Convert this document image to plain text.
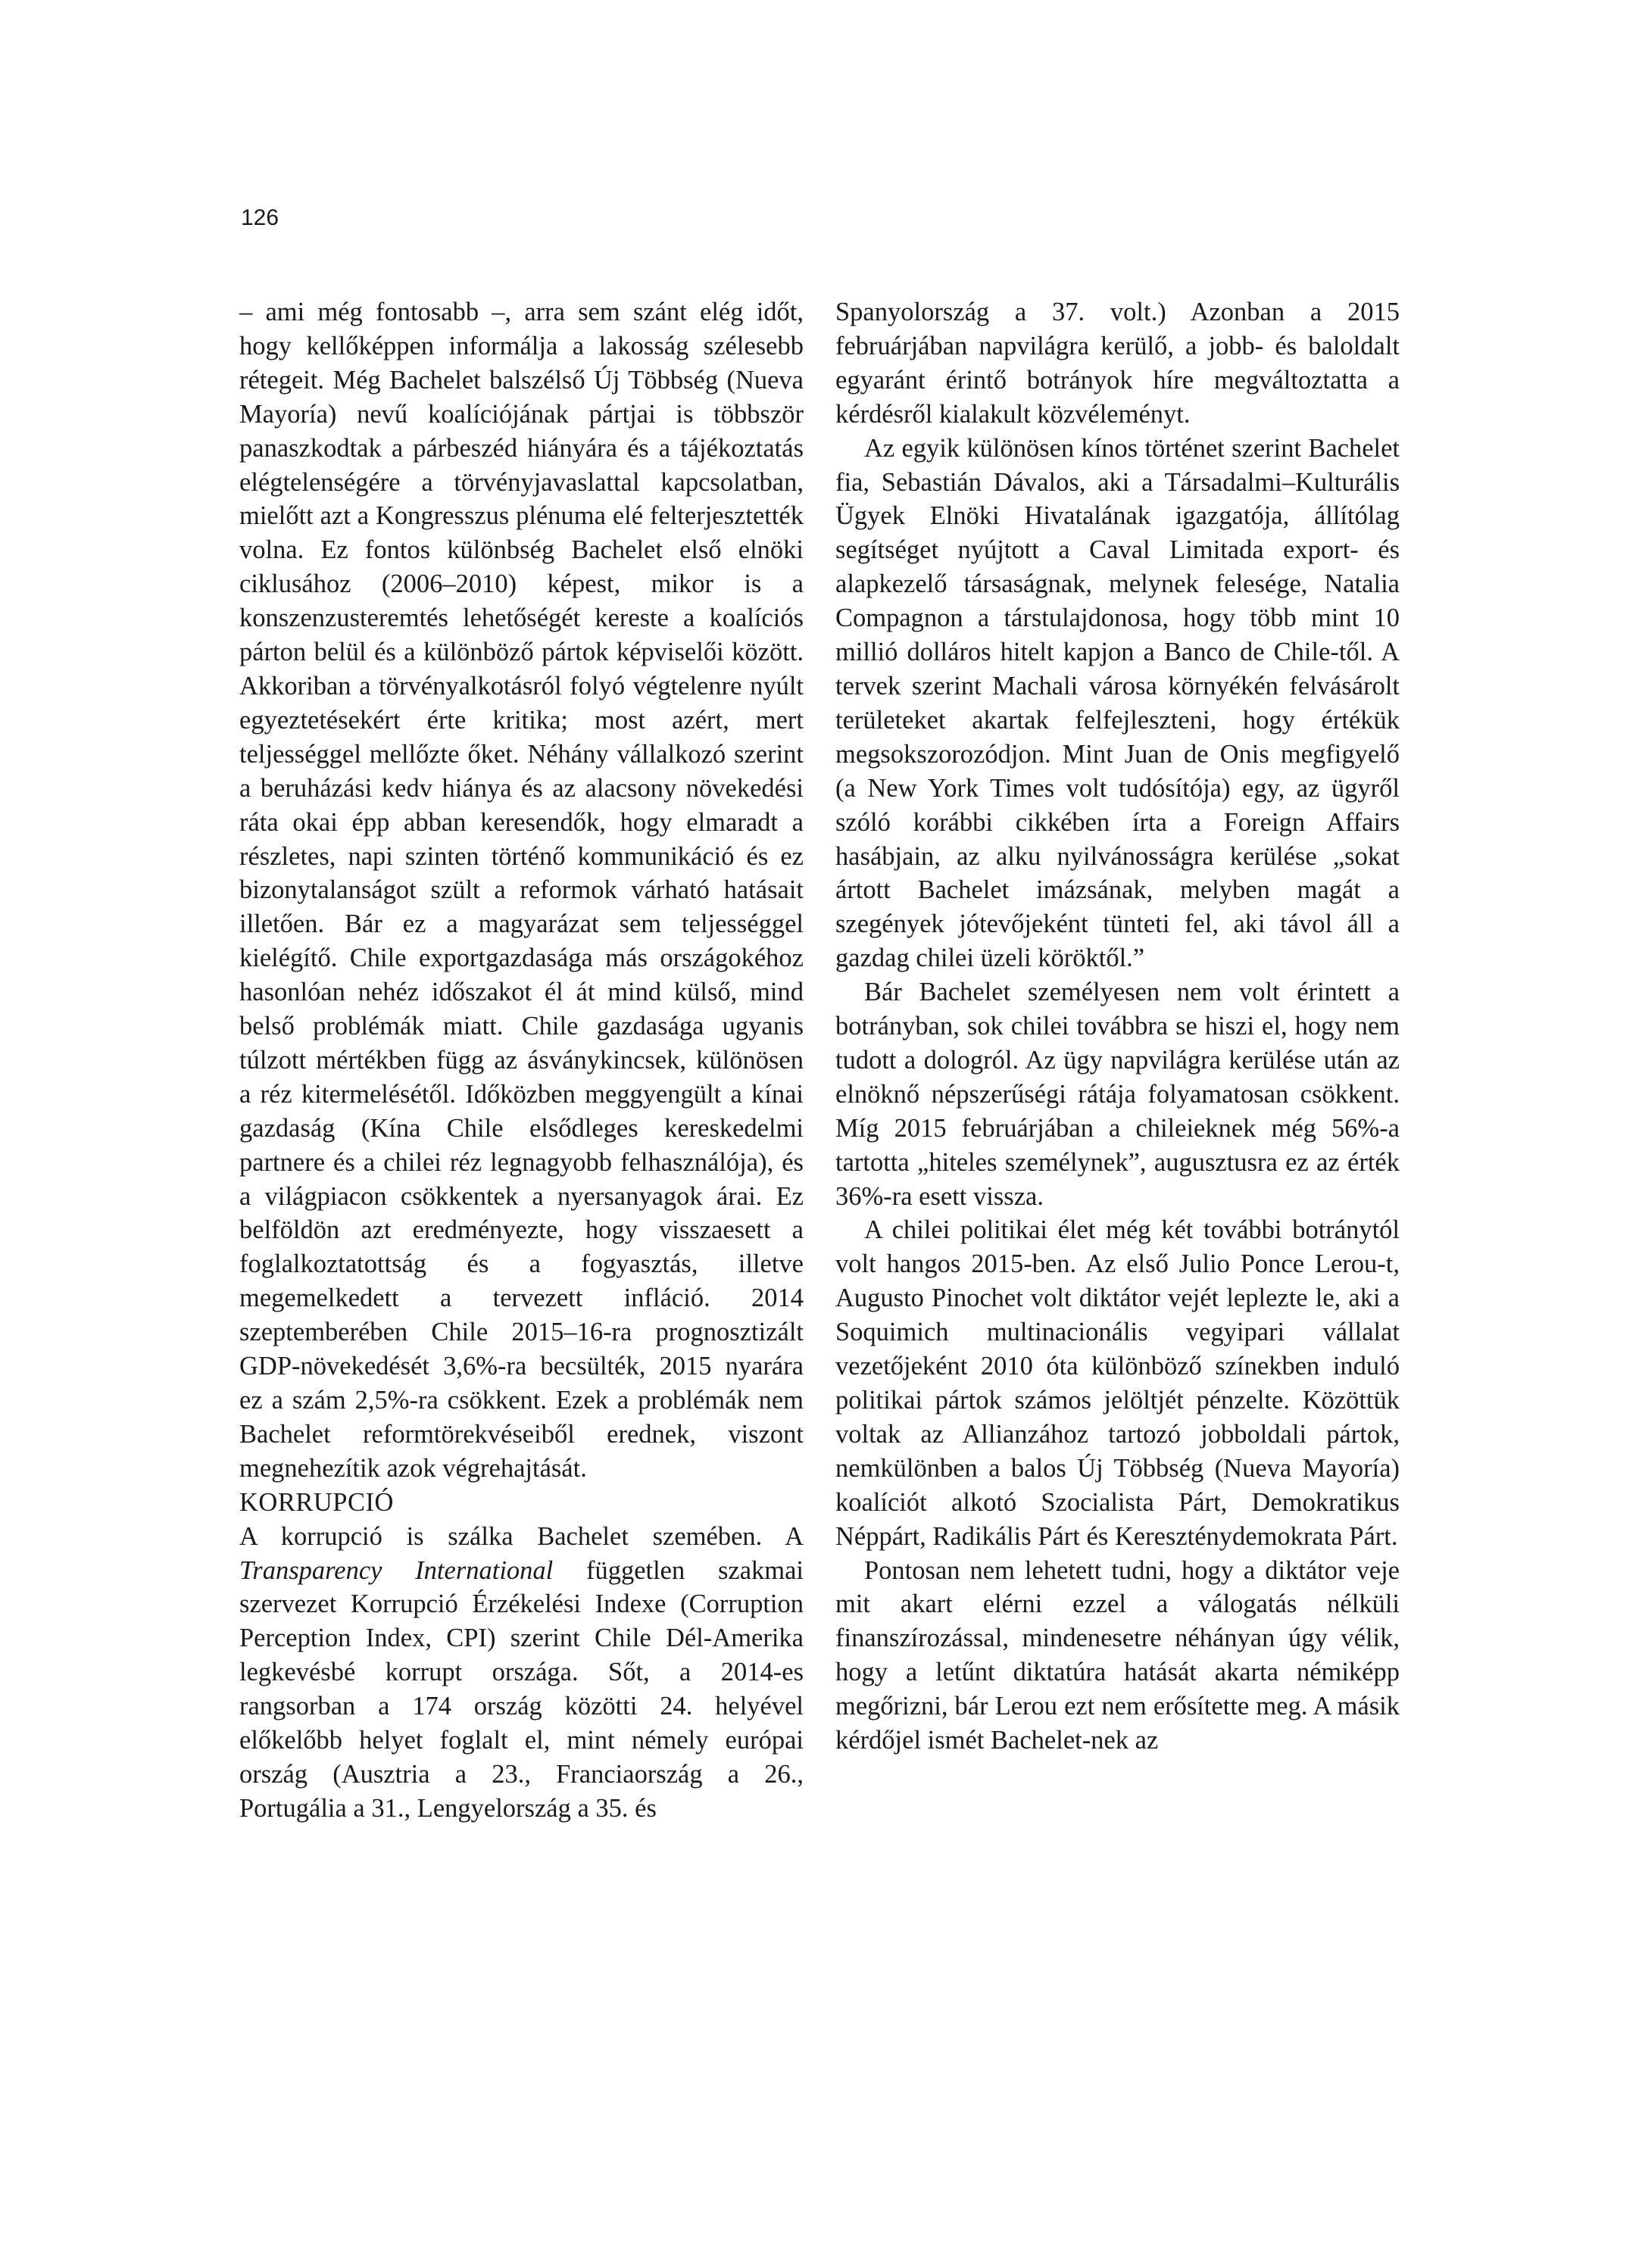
126

– ami még fontosabb –, arra sem szánt elég időt, hogy kellőképpen informálja a lakosság szélesebb rétegeit. Még Bachelet balszélső Új Többség (Nueva Mayoría) nevű koalíciójának pártjai is többször panaszkodtak a párbeszéd hiányára és a tájékoztatás elégtelenségére a törvényjavaslattal kapcsolatban, mielőtt azt a Kongresszus plénuma elé felterjesztették volna. Ez fontos különbség Bachelet első elnöki ciklusához (2006–2010) képest, mikor is a konszenzusteremtés lehetőségét kereste a koalíciós párton belül és a különböző pártok képviselői között. Akkoriban a törvényalkotásról folyó végtelenre nyúlt egyeztetésekért érte kritika; most azért, mert teljességgel mellőzte őket. Néhány vállalkozó szerint a beruházási kedv hiánya és az alacsony növekedési ráta okai épp abban keresendők, hogy elmaradt a részletes, napi szinten történő kommunikáció és ez bizonytalanságot szült a reformok várható hatásait illetően. Bár ez a magyarázat sem teljességgel kielégítő. Chile exportgazdasága más országokéhoz hasonlóan nehéz időszakot él át mind külső, mind belső problémák miatt. Chile gazdasága ugyanis túlzott mértékben függ az ásványkincsek, különösen a réz kitermelésétől. Időközben meggyengült a kínai gazdaság (Kína Chile elsődleges kereskedelmi partnere és a chilei réz legnagyobb felhasználója), és a világpiacon csökkentek a nyersanyagok árai. Ez belföldön azt eredményezte, hogy visszaesett a foglalkoztatottság és a fogyasztás, illetve megemelkedett a tervezett infláció. 2014 szeptemberében Chile 2015–16-ra prognosztizált GDP-növekedését 3,6%-ra becsülték, 2015 nyarára ez a szám 2,5%-ra csökkent. Ezek a problémák nem Bachelet reformtörekvéseiből erednek, viszont megnehezítik azok végrehajtását.

KORRUPCIÓ

A korrupció is szálka Bachelet szemében. A Transparency International független szakmai szervezet Korrupció Érzékelési Indexe (Corruption Perception Index, CPI) szerint Chile Dél-Amerika legkevésbé korrupt országa. Sőt, a 2014-es rangsorban a 174 ország közötti 24. helyével előkelőbb helyet foglalt el, mint némely európai ország (Ausztria a 23., Franciaország a 26., Portugália a 31., Lengyelország a 35. és

Spanyolország a 37. volt.) Azonban a 2015 februárjában napvilágra kerülő, a jobb- és baloldalt egyaránt érintő botrányok híre megváltoztatta a kérdésről kialakult közvéleményt.

Az egyik különösen kínos történet szerint Bachelet fia, Sebastián Dávalos, aki a Társadalmi–Kulturális Ügyek Elnöki Hivatalának igazgatója, állítólag segítséget nyújtott a Caval Limitada export- és alapkezelő társaságnak, melynek felesége, Natalia Compagnon a társtulajdonosa, hogy több mint 10 millió dolláros hitelt kapjon a Banco de Chile-től. A tervek szerint Machali városa környékén felvásárolt területeket akartak felfejleszteni, hogy értékük megsokszorozódjon. Mint Juan de Onis megfigyelő (a New York Times volt tudósítója) egy, az ügyről szóló korábbi cikkében írta a Foreign Affairs hasábjain, az alku nyilvánosságra kerülése „sokat ártott Bachelet imázsának, melyben magát a szegények jótevőjeként tünteti fel, aki távol áll a gazdag chilei üzeli köröktől.”

Bár Bachelet személyesen nem volt érintett a botrányban, sok chilei továbbra se hiszi el, hogy nem tudott a dologról. Az ügy napvilágra kerülése után az elnöknő népszerűségi rátája folyamatosan csökkent. Míg 2015 februárjában a chileieknek még 56%-a tartotta „hiteles személynek”, augusztusra ez az érték 36%-ra esett vissza.

A chilei politikai élet még két további botránytól volt hangos 2015-ben. Az első Julio Ponce Lerou-t, Augusto Pinochet volt diktátor vejét leplezte le, aki a Soquimich multinacionális vegyipari vállalat vezetőjeként 2010 óta különböző színekben induló politikai pártok számos jelöltjét pénzelte. Közöttük voltak az Allianzához tartozó jobboldali pártok, nemkülönben a balos Új Többség (Nueva Mayoría) koalíciót alkotó Szocialista Párt, Demokratikus Néppárt, Radikális Párt és Kereszténydemokrata Párt.

Pontosan nem lehetett tudni, hogy a diktátor veje mit akart elérni ezzel a válogatás nélküli finanszírozással, mindenesetre néhányan úgy vélik, hogy a letűnt diktatúra hatását akarta némiképp megőrizni, bár Lerou ezt nem erősítette meg. A másik kérdőjel ismét Bachelet-nek az
